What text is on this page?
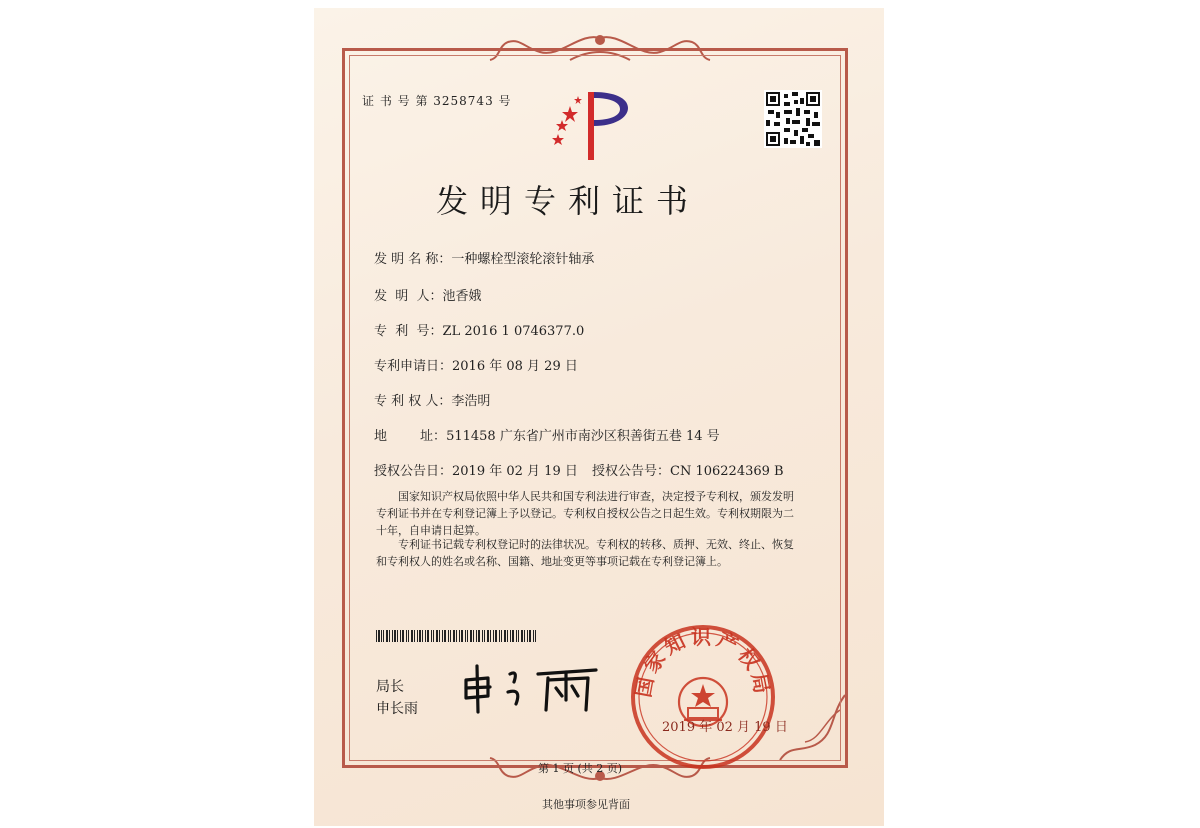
证 书 号 第 3258743 号
发明专利证书
发 明 名 称：一种螺栓型滚轮滚针轴承
发  明  人：池香娥
专  利  号：ZL 2016 1 0746377.0
专利申请日：2016 年 08 月 29 日
专 利 权 人：李浩明
地        址：511458 广东省广州市南沙区积善街五巷 14 号
授权公告日：2019 年 02 月 19 日 授权公告号：CN 106224369 B
国家知识产权局依照中华人民共和国专利法进行审查，决定授予专利权，颁发发明专利证书并在专利登记簿上予以登记。专利权自授权公告之日起生效。专利权期限为二十年，自申请日起算。
专利证书记载专利权登记时的法律状况。专利权的转移、质押、无效、终止、恢复和专利权人的姓名或名称、国籍、地址变更等事项记载在专利登记簿上。
局长
申长雨
国家知识产权局
2019 年 02 月 19 日
第 1 页 (共 2 页)
其他事项参见背面
